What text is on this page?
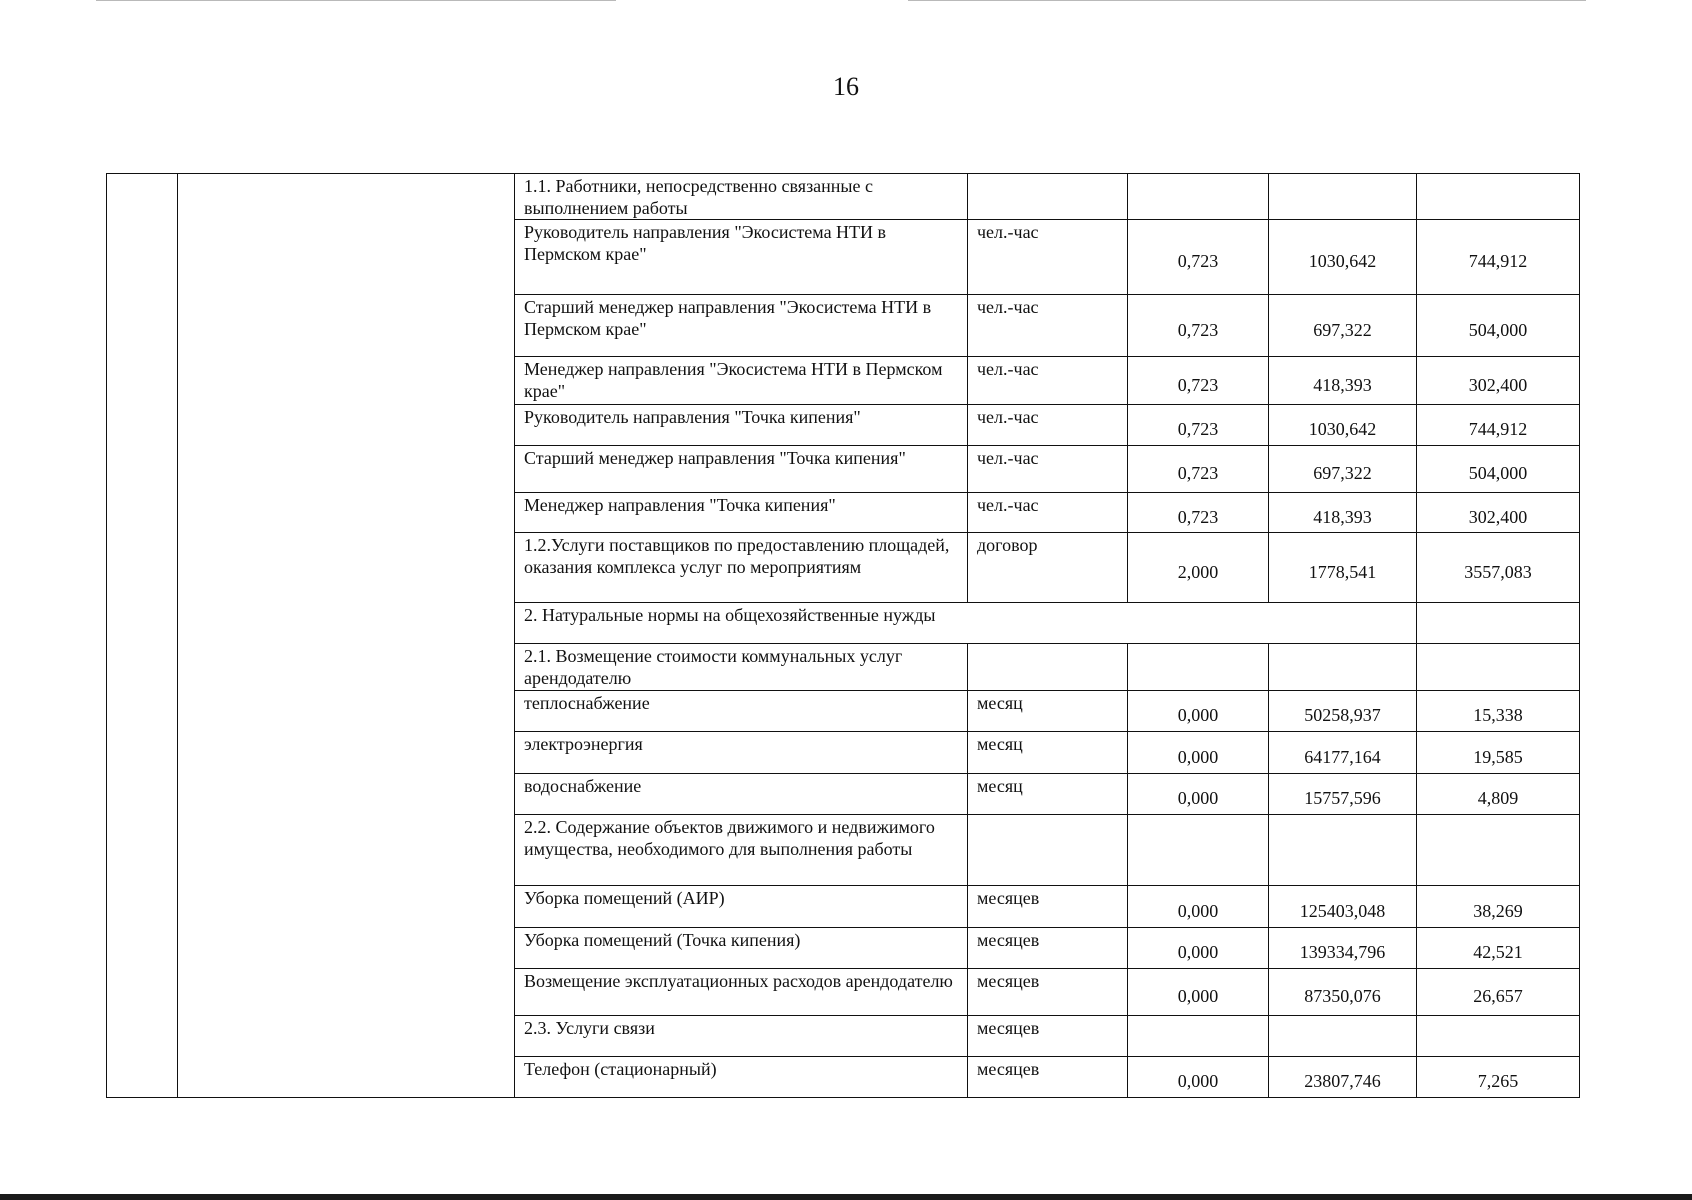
16
		1.1. Работники, непосредственно связанные с выполнением работы				
		Руководитель направления "Экосистема НТИ в Пермском крае"	чел.-час	0,723	1030,642	744,912
		Старший менеджер направления "Экосистема НТИ в Пермском крае"	чел.-час	0,723	697,322	504,000
		Менеджер направления "Экосистема НТИ в Пермском крае"	чел.-час	0,723	418,393	302,400
		Руководитель направления "Точка кипения"	чел.-час	0,723	1030,642	744,912
		Старший менеджер направления "Точка кипения"	чел.-час	0,723	697,322	504,000
		Менеджер направления "Точка кипения"	чел.-час	0,723	418,393	302,400
		1.2.Услуги поставщиков по предоставлению площадей, оказания комплекса услуг по мероприятиям	договор	2,000	1778,541	3557,083
		2. Натуральные нормы на общехозяйственные нужды				
		2.1. Возмещение стоимости коммунальных услуг арендодателю				
		теплоснабжение	месяц	0,000	50258,937	15,338
		электроэнергия	месяц	0,000	64177,164	19,585
		водоснабжение	месяц	0,000	15757,596	4,809
		2.2. Содержание объектов движимого и недвижимого имущества, необходимого для выполнения работы				
		Уборка помещений (АИР)	месяцев	0,000	125403,048	38,269
		Уборка помещений (Точка кипения)	месяцев	0,000	139334,796	42,521
		Возмещение эксплуатационных расходов арендодателю	месяцев	0,000	87350,076	26,657
		2.3. Услуги связи	месяцев			
		Телефон (стационарный)	месяцев	0,000	23807,746	7,265
